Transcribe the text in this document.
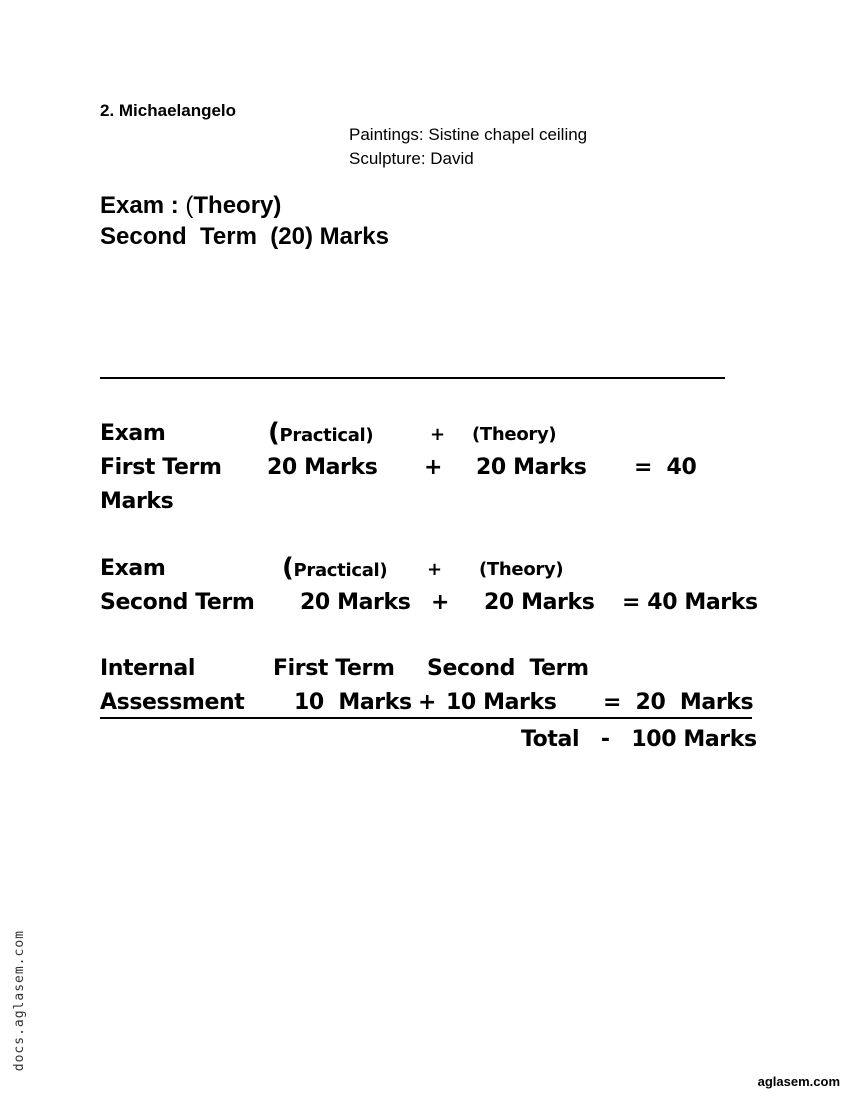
2. Michaelangelo
Paintings: Sistine chapel ceiling
Sculpture: David
Exam : (Theory)
Second  Term  (20) Marks
Exam	(Practical)	+ (Theory)
First Term 20 Marks + 20 Marks =  40
Marks
Exam	(Practical) + (Theory)
Second Term 20 Marks + 20 Marks = 40 Marks
Internal	First Term Second  Term
Assessment 10  Marks + 10 Marks =  20  Marks
Total   -   100 Marks
docs.aglasem.com
aglasem.com
